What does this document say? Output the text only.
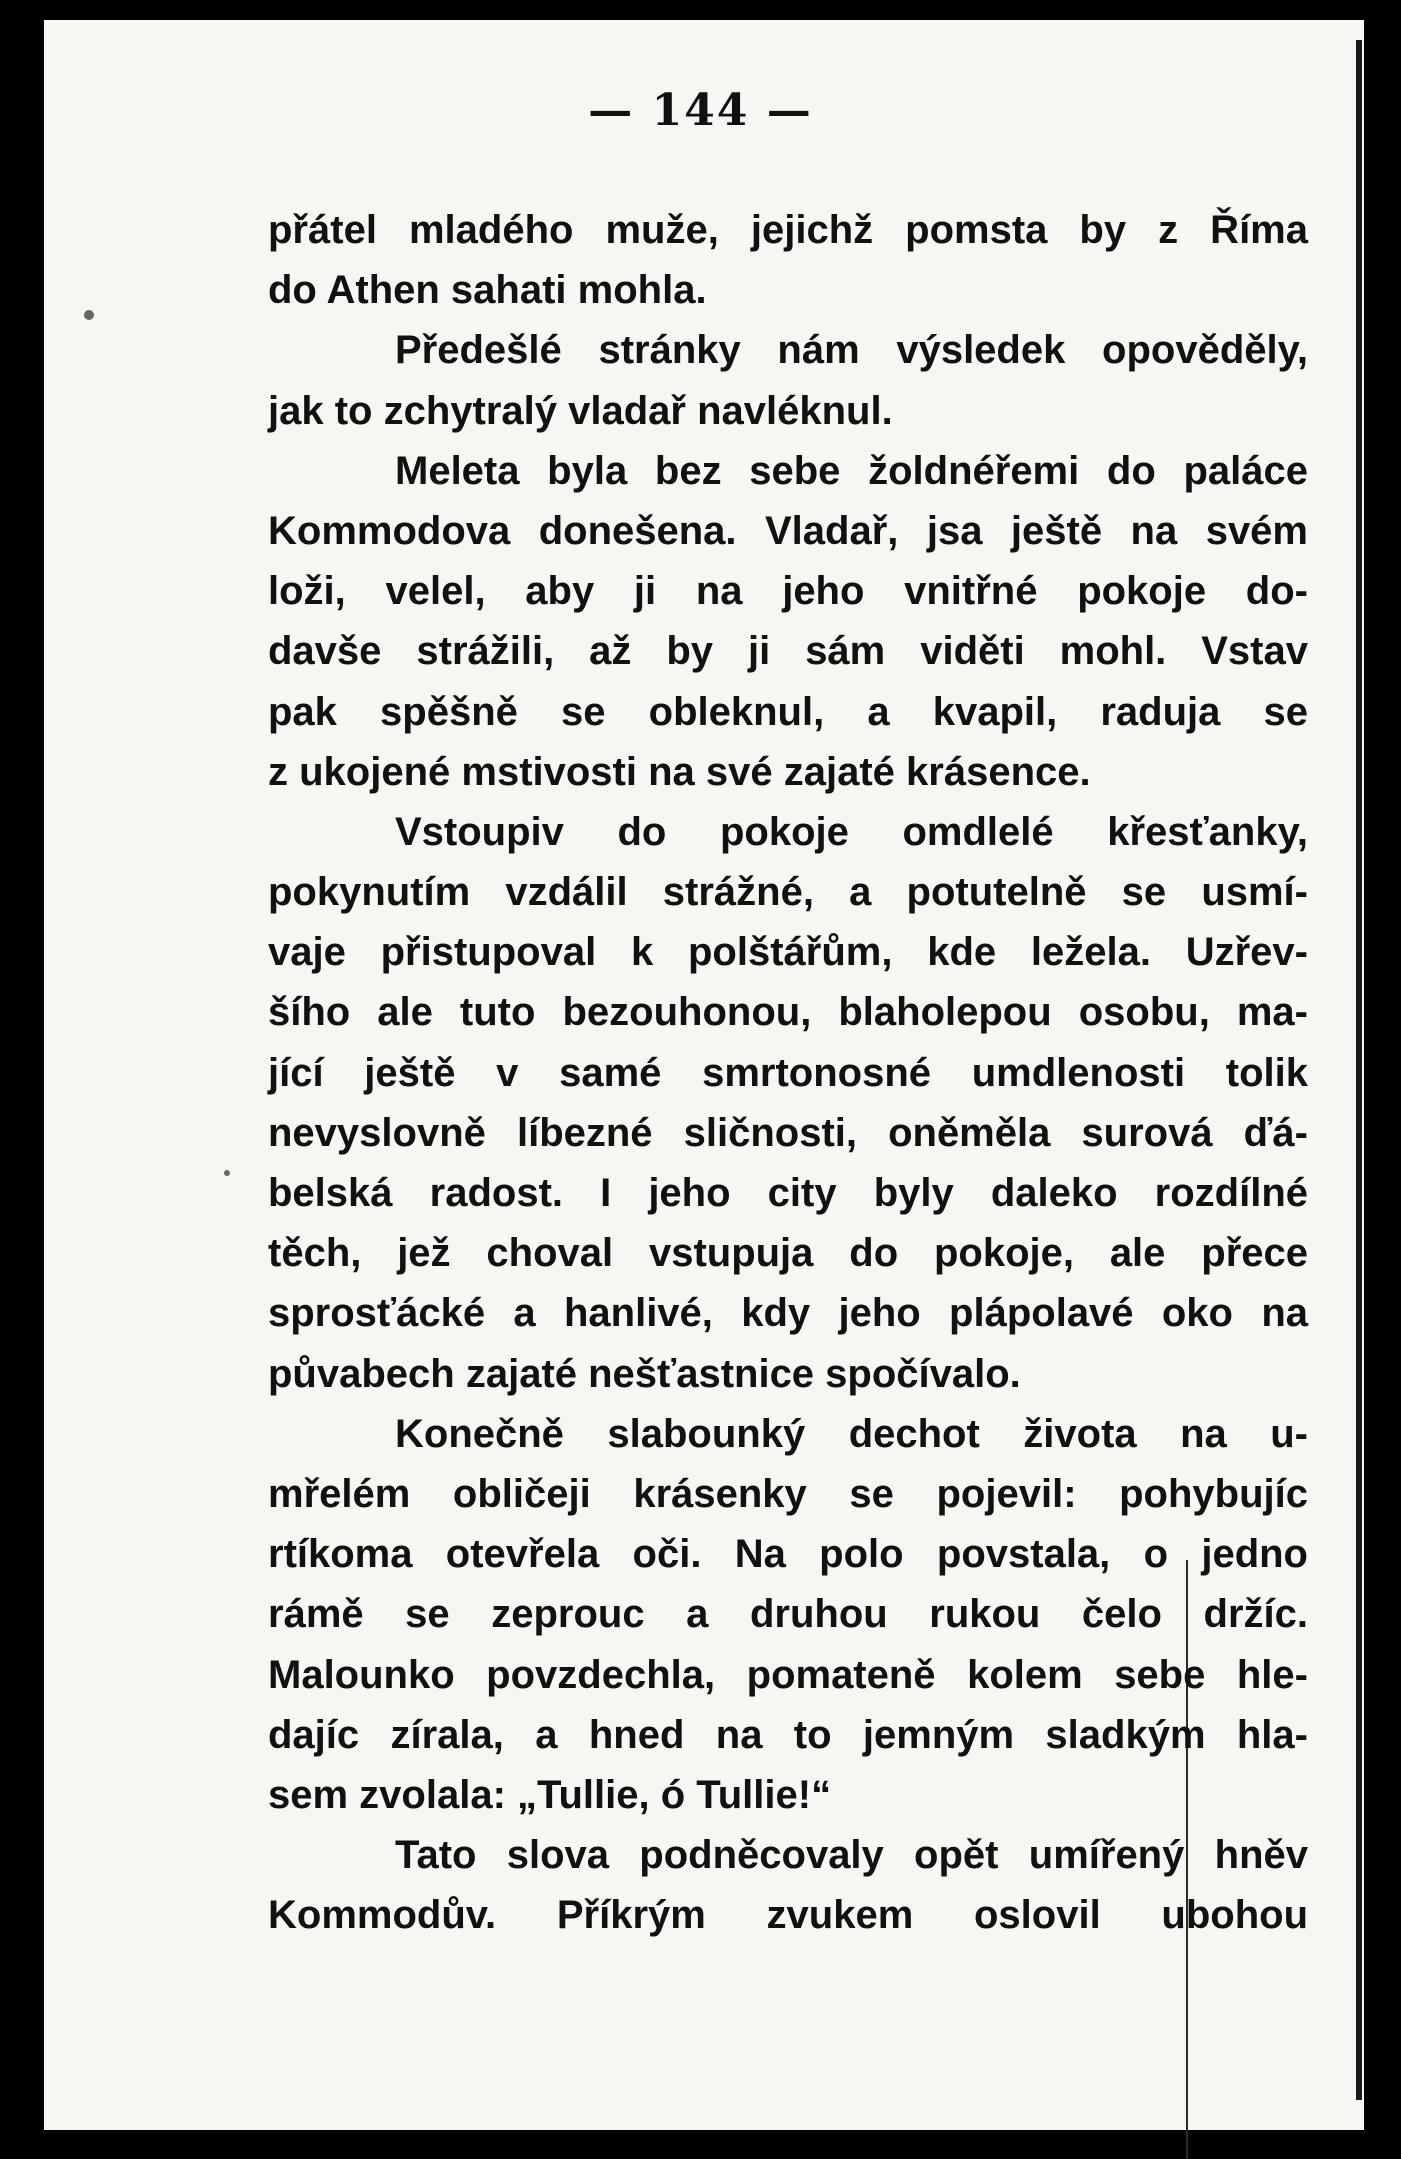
— 144 —
přátel mladého muže, jejichž pomsta by z Říma
do Athen sahati mohla.
Předešlé stránky nám výsledek opověděly,
jak to zchytralý vladař navléknul.
Meleta byla bez sebe žoldnéřemi do paláce
Kommodova donešena. Vladař, jsa ještě na svém
loži, velel, aby ji na jeho vnitřné pokoje do-
davše strážili, až by ji sám viděti mohl. Vstav
pak spěšně se obleknul, a kvapil, raduja se
z ukojené mstivosti na své zajaté krásence.
Vstoupiv do pokoje omdlelé křesťanky,
pokynutím vzdálil strážné, a potutelně se usmí-
vaje přistupoval k polštářům, kde ležela. Uzřev-
šího ale tuto bezouhonou, blaholepou osobu, ma-
jící ještě v samé smrtonosné umdlenosti tolik
nevyslovně líbezné sličnosti, oněměla surová ďá-
belská radost. I jeho city byly daleko rozdílné
těch, jež choval vstupuja do pokoje, ale přece
sprosťácké a hanlivé, kdy jeho plápolavé oko na
půvabech zajaté nešťastnice spočívalo.
Konečně slabounký dechot života na u-
mřelém obličeji krásenky se pojevil: pohybujíc
rtíkoma otevřela oči. Na polo povstala, o jedno
rámě se zeprouc a druhou rukou čelo držíc.
Malounko povzdechla, pomateně kolem sebe hle-
dajíc zírala, a hned na to jemným sladkým hla-
sem zvolala: „Tullie, ó Tullie!“
Tato slova podněcovaly opět umířený hněv
Kommodův. Příkrým zvukem oslovil ubohou
